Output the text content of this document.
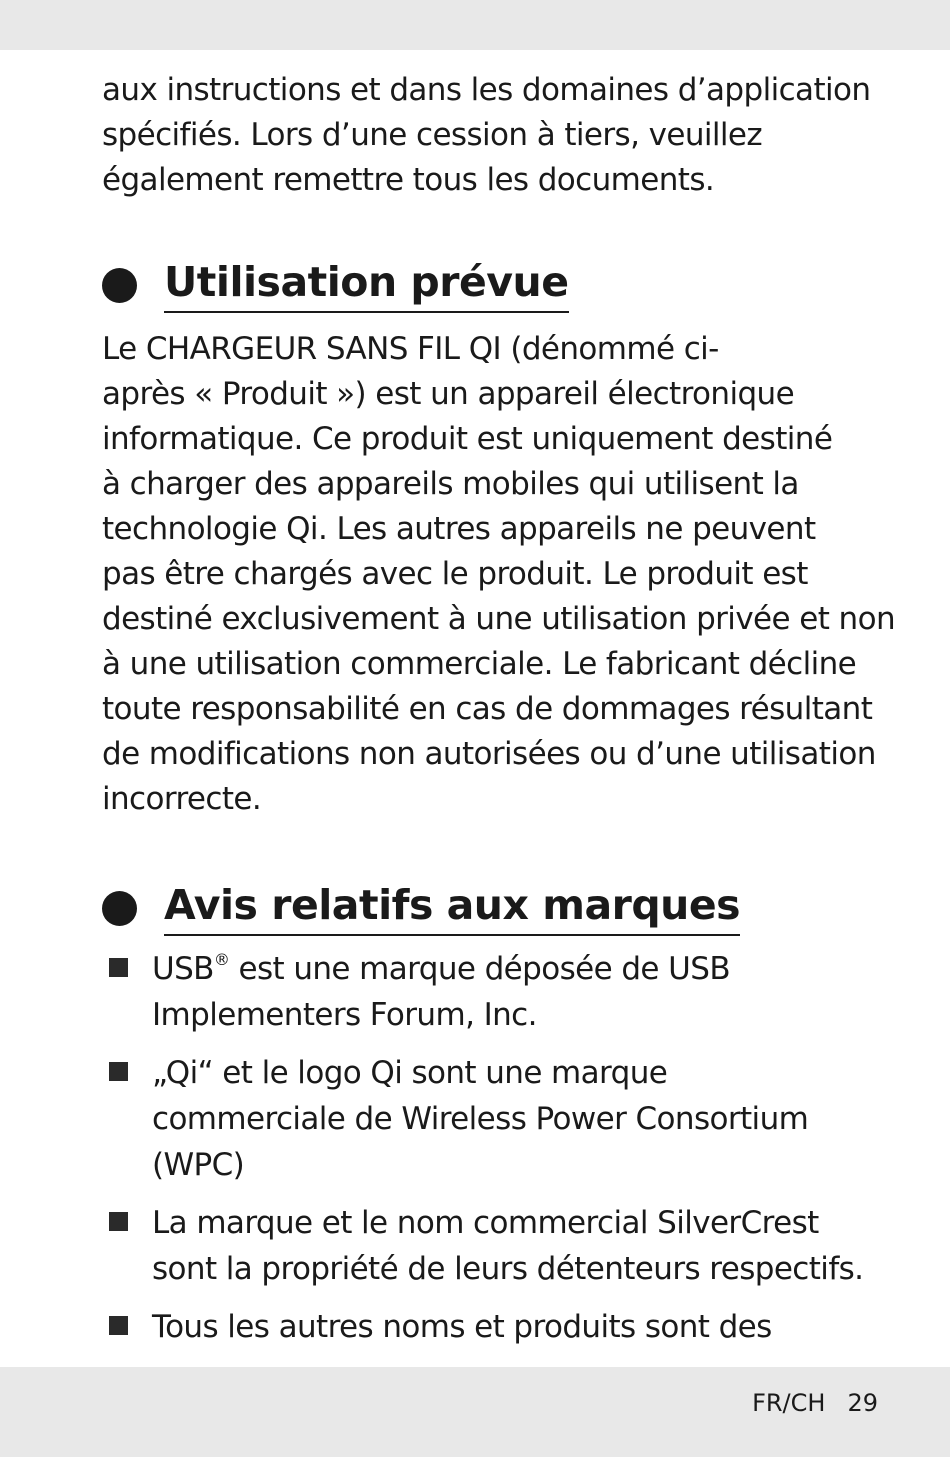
aux instructions et dans les domaines d’application
spécifiés. Lors d’une cession à tiers, veuillez
également remettre tous les documents.

Utilisation prévue

Le CHARGEUR SANS FIL QI (dénommé ci-
après « Produit ») est un appareil électronique
informatique. Ce produit est uniquement destiné
à charger des appareils mobiles qui utilisent la
technologie Qi. Les autres appareils ne peuvent
pas être chargés avec le produit. Le produit est
destiné exclusivement à une utilisation privée et non
à une utilisation commerciale. Le fabricant décline
toute responsabilité en cas de dommages résultant
de modifications non autorisées ou d’une utilisation
incorrecte.

Avis relatifs aux marques
USB® est une marque déposée de USB
Implementers Forum, Inc.
„Qi“ et le logo Qi sont une marque
commerciale de Wireless Power Consortium
(WPC)
La marque et le nom commercial SilverCrest
sont la propriété de leurs détenteurs respectifs.
Tous les autres noms et produits sont des
FR/CH 29
